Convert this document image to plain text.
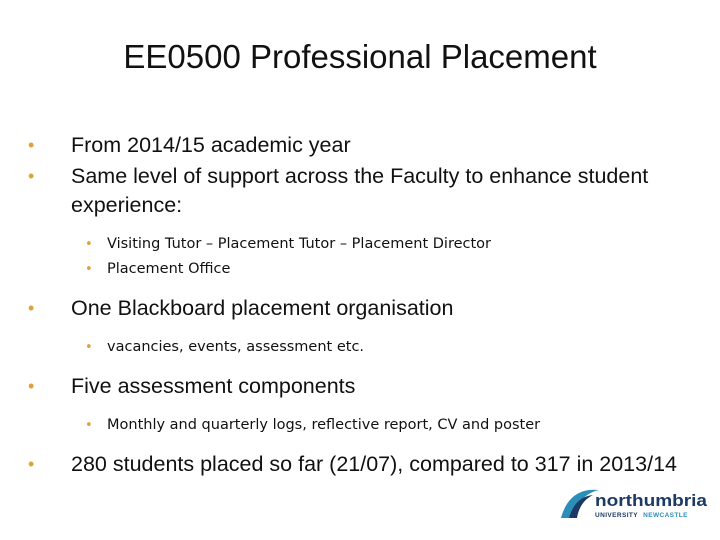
EE0500 Professional Placement
• From 2014/15 academic year
• Same level of support across the Faculty to enhance student experience:
• Visiting Tutor – Placement Tutor – Placement Director
• Placement Office
• One Blackboard placement organisation
• vacancies, events, assessment etc.
• Five assessment components
• Monthly and quarterly logs, reflective report, CV and poster
• 280 students placed so far (21/07), compared to 317 in 2013/14
northumbria
UNIVERSITY NEWCASTLE
